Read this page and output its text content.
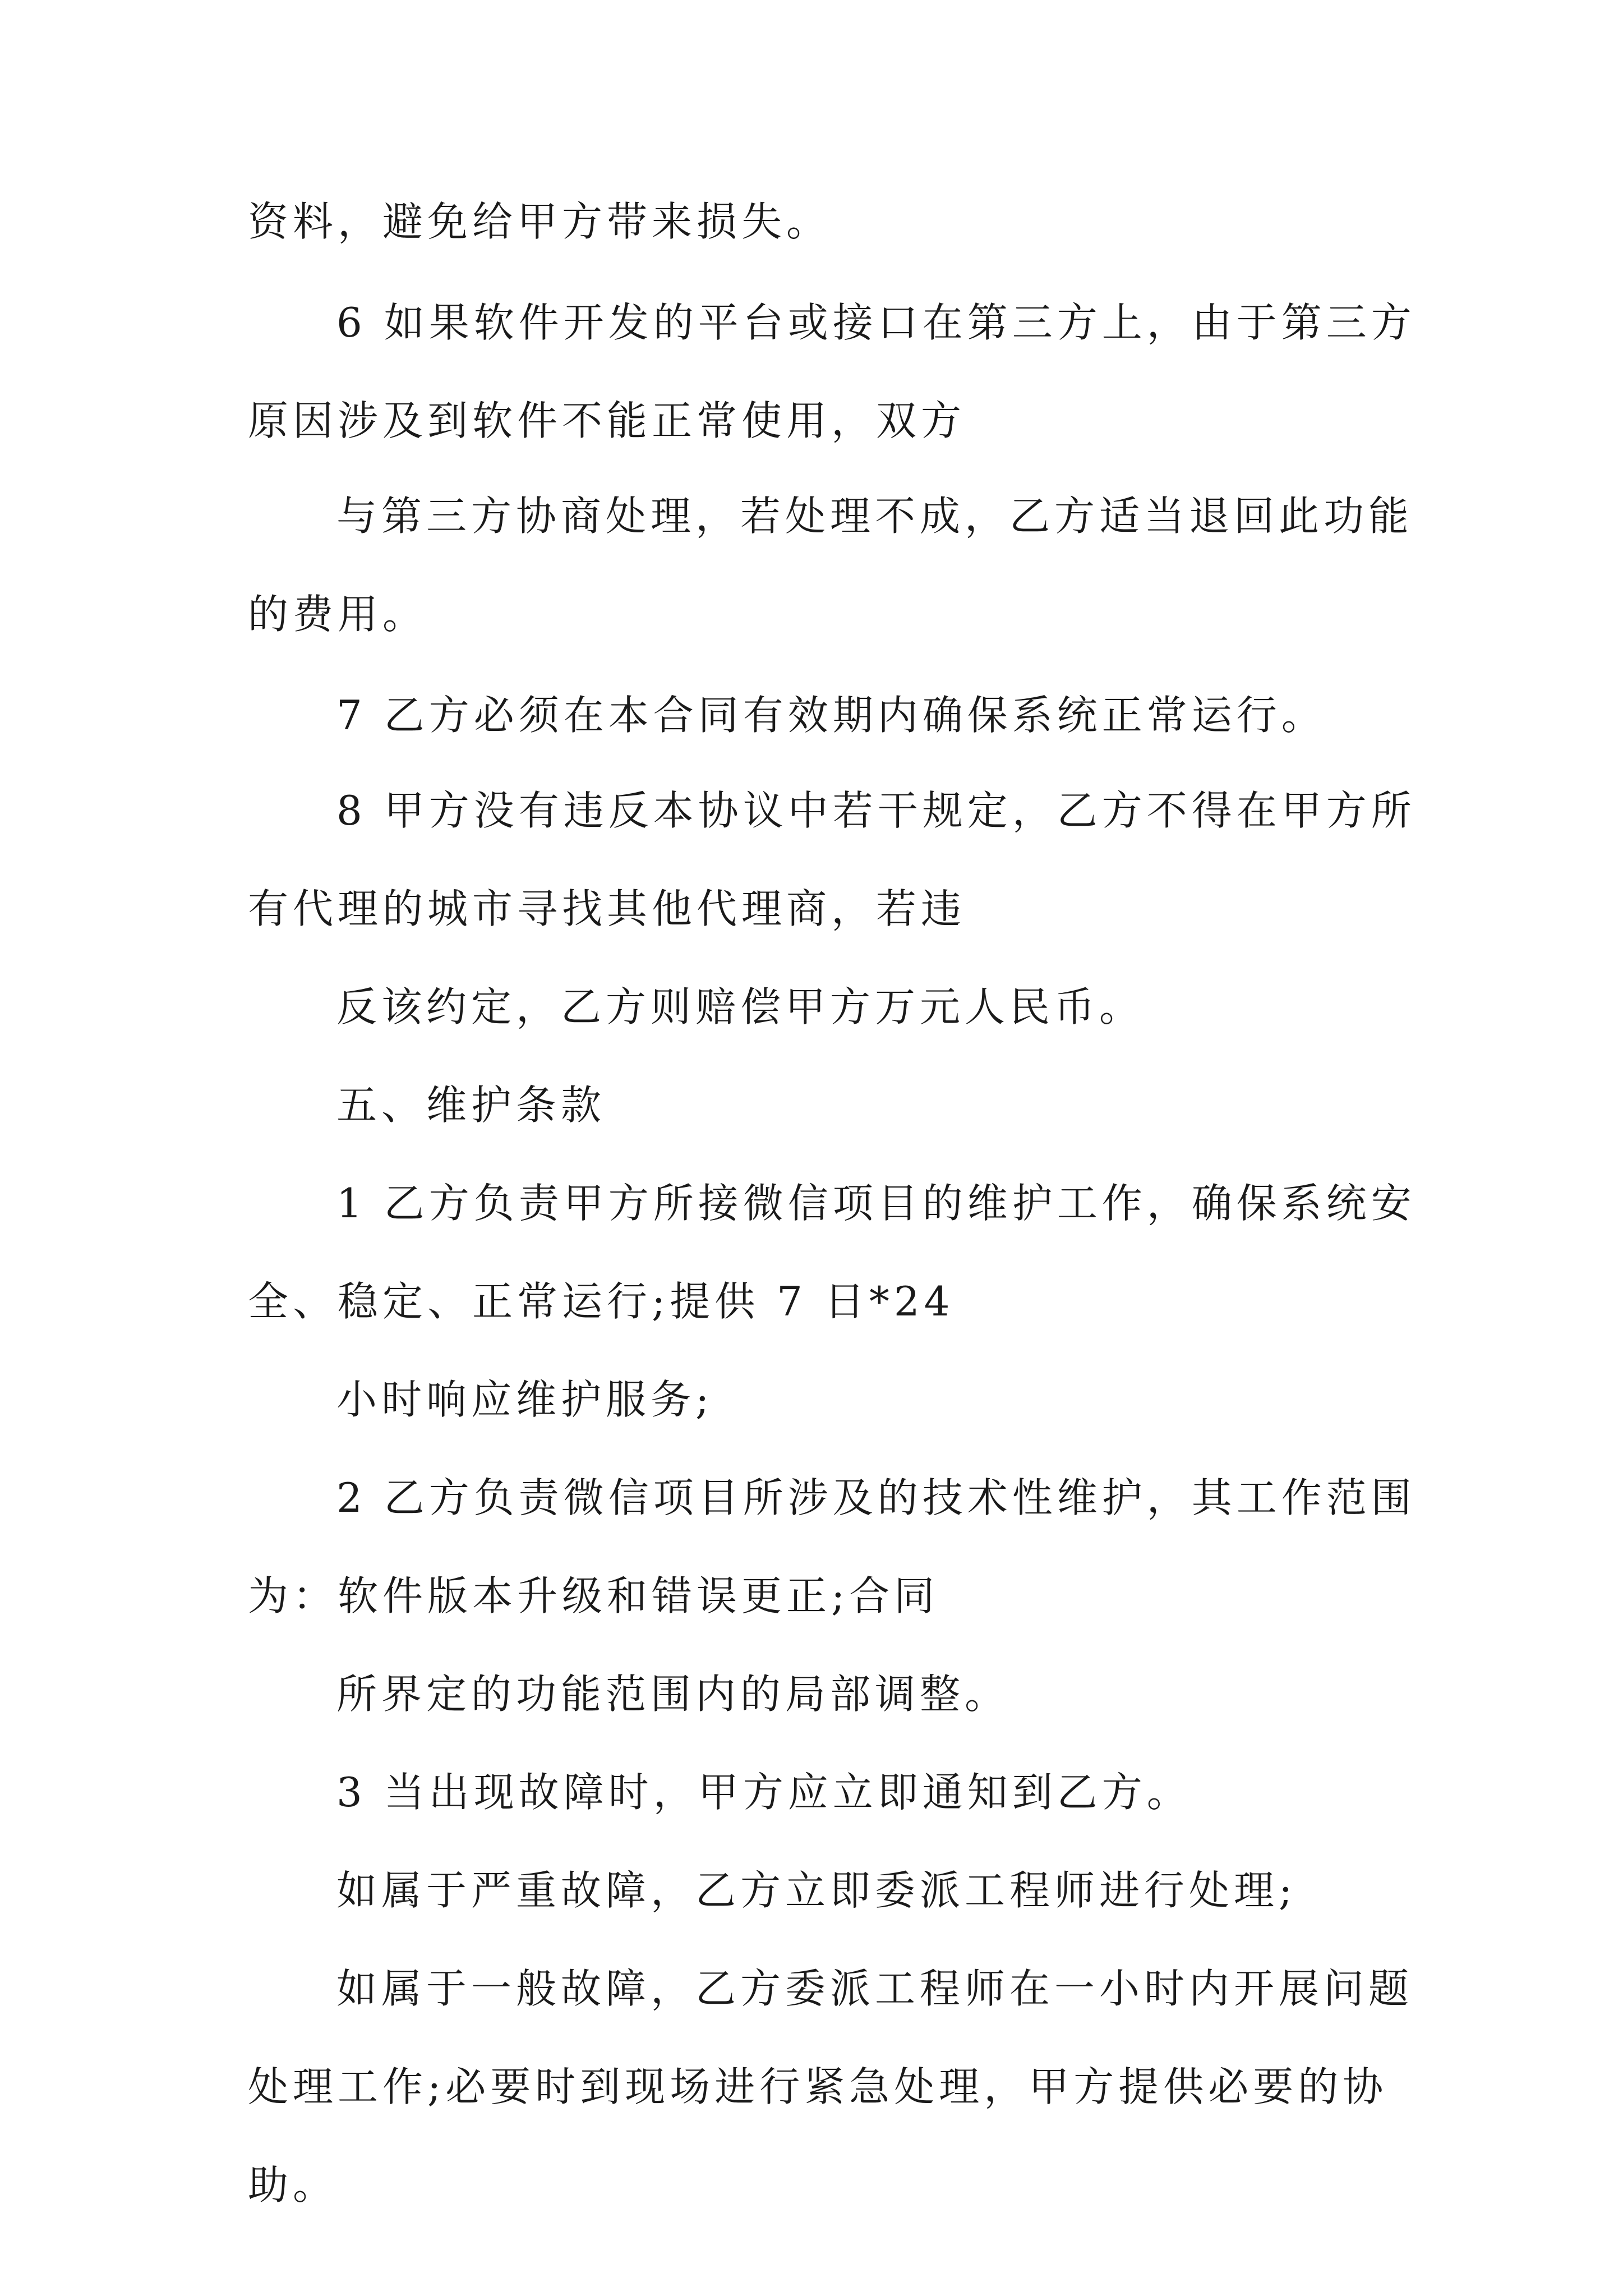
资料，避免给甲方带来损失。
6 如果软件开发的平台或接口在第三方上，由于第三方
原因涉及到软件不能正常使用，双方
与第三方协商处理，若处理不成，乙方适当退回此功能
的费用。
7 乙方必须在本合同有效期内确保系统正常运行。
8 甲方没有违反本协议中若干规定，乙方不得在甲方所
有代理的城市寻找其他代理商，若违
反该约定，乙方则赔偿甲方万元人民币。
五、维护条款
1 乙方负责甲方所接微信项目的维护工作，确保系统安
全、稳定、正常运行;提供 7 日*24
小时响应维护服务;
2 乙方负责微信项目所涉及的技术性维护，其工作范围
为：软件版本升级和错误更正;合同
所界定的功能范围内的局部调整。
3 当出现故障时，甲方应立即通知到乙方。
如属于严重故障，乙方立即委派工程师进行处理;
如属于一般故障，乙方委派工程师在一小时内开展问题
处理工作;必要时到现场进行紧急处理，甲方提供必要的协
助。
